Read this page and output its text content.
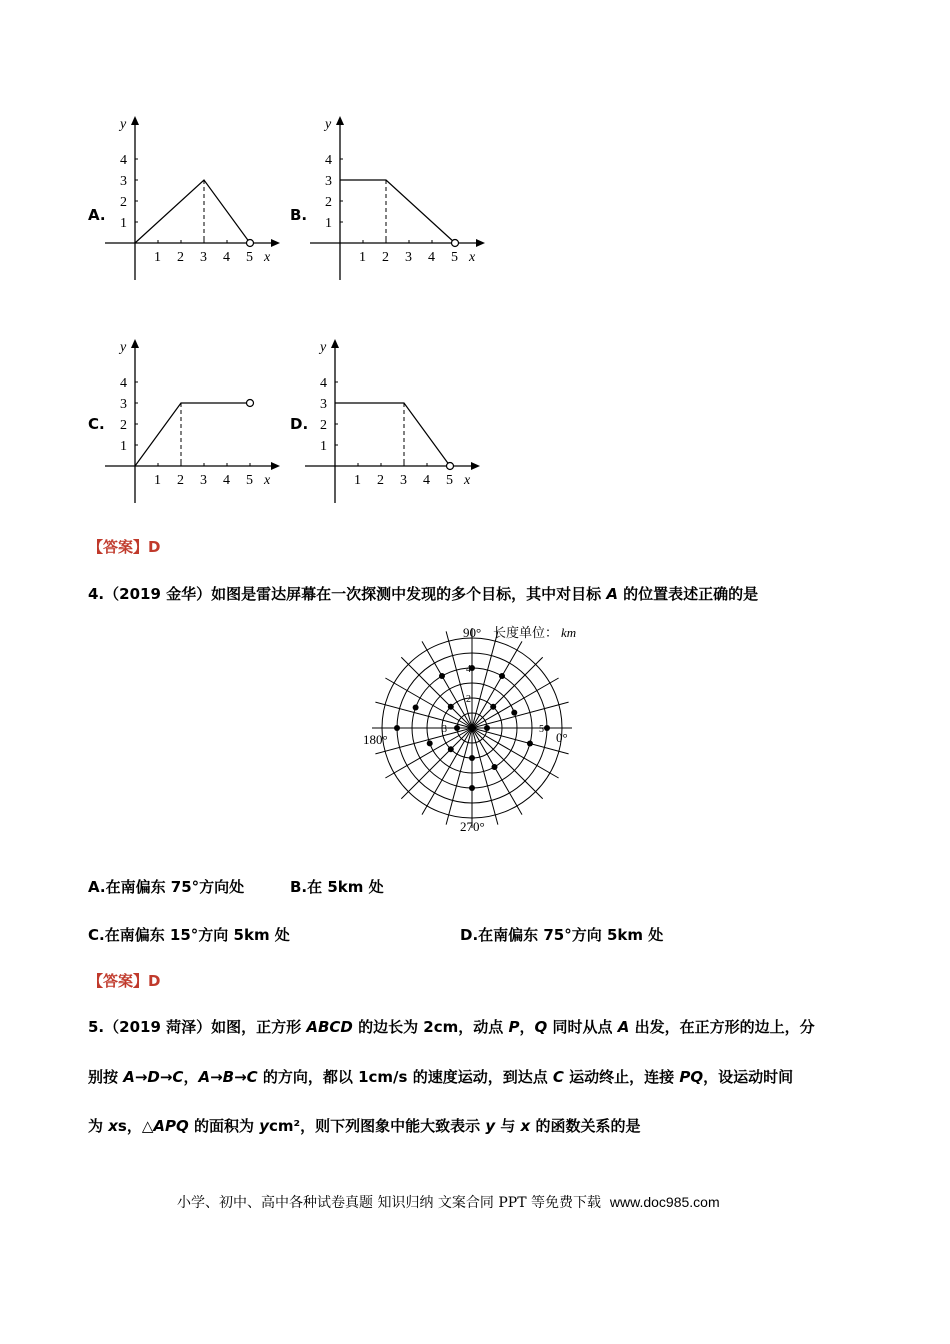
A.	B.
C.	D.
1 2 3 4 5
4
3
2
1
x
y
1 2 3 4 5
4
3
2
1
x
y
1 2 3 4 5
4
3
2
1
x
y
1 2 3 4 5
4
3
2
1
x
y
【答案】D
4.（2019 金华）如图是雷达屏幕在一次探测中发现的多个目标，其中对目标 A 的位置表述正确的是
90° 长度单位： km
180°	0°
270°
2
3
4
5
A.在南偏东 75°方向处	B.在 5km 处
C.在南偏东 15°方向 5km 处	D.在南偏东 75°方向 5km 处
【答案】D
5.（2019 菏泽）如图，正方形 ABCD 的边长为 2cm，动点 P，Q 同时从点 A 出发，在正方形的边上，分
别按 A→D→C，A→B→C 的方向，都以 1cm/s 的速度运动，到达点 C 运动终止，连接 PQ，设运动时间
为 xs，△APQ 的面积为 ycm²，则下列图象中能大致表示 y 与 x 的函数关系的是
小学、初中、高中各种试卷真题 知识归纳 文案合同 PPT 等免费下载 www.doc985.com
